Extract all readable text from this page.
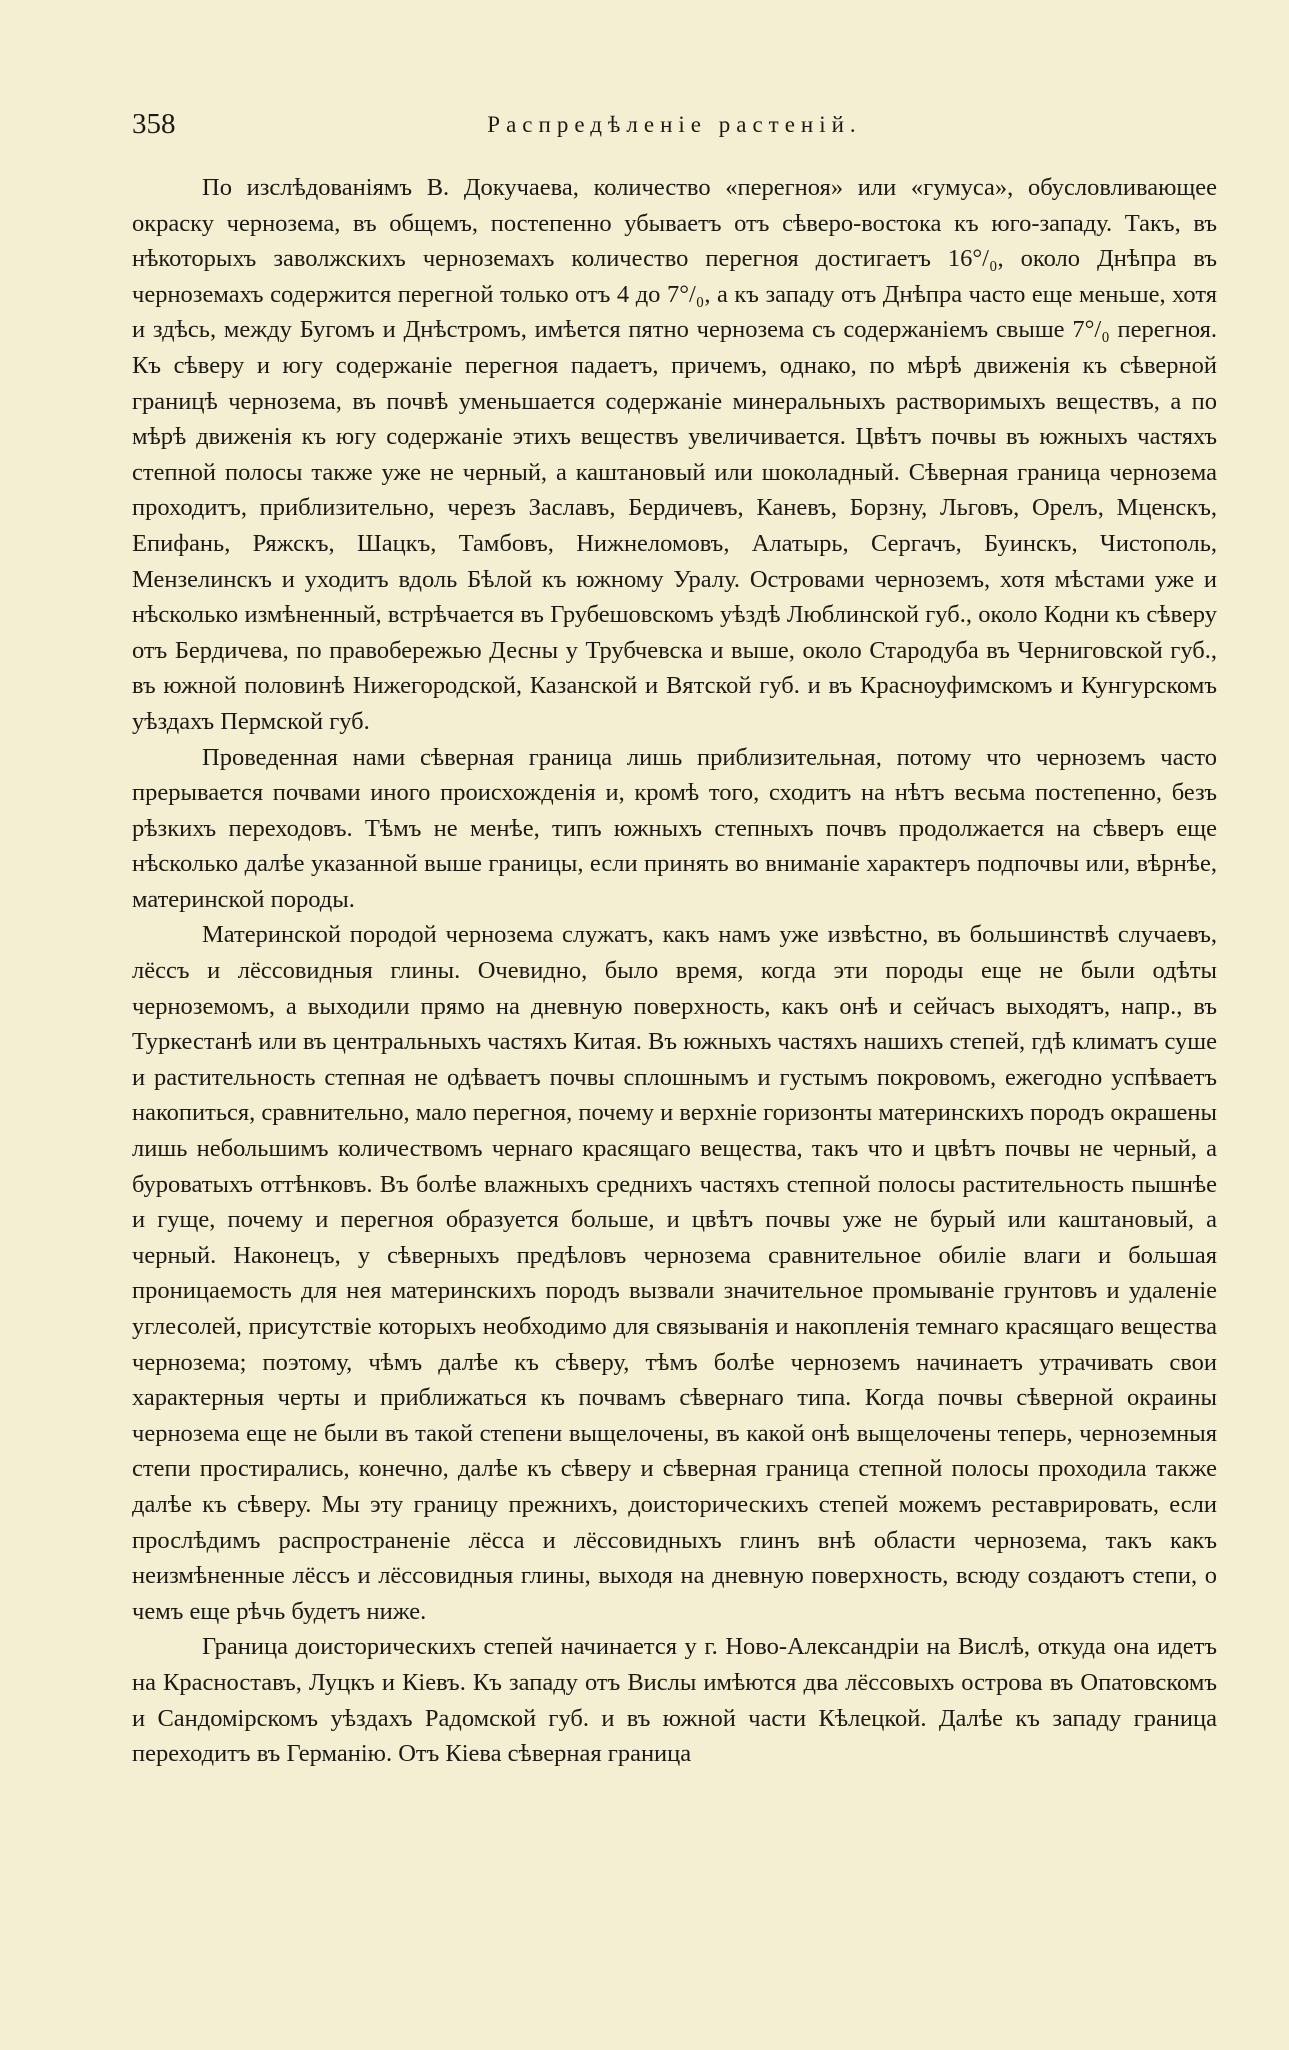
358	Распредѣленіе растеній.

По изслѣдованіямъ В. Докучаева, количество «перегноя» или «гумуса», обусловливающее окраску чернозема, въ общемъ, постепенно убываетъ отъ сѣверо-востока къ юго-западу. Такъ, въ нѣкоторыхъ заволжскихъ черноземахъ количество перегноя достигаетъ 16°/₀, около Днѣпра въ черноземахъ содержится перегной только отъ 4 до 7°/₀, а къ западу отъ Днѣпра часто еще меньше, хотя и здѣсь, между Бугомъ и Днѣстромъ, имѣется пятно чернозема съ содержаніемъ свыше 7°/₀ перегноя. Къ сѣверу и югу содержаніе перегноя падаетъ, причемъ, однако, по мѣрѣ движенія къ сѣверной границѣ чернозема, въ почвѣ уменьшается содержаніе минеральныхъ растворимыхъ веществъ, а по мѣрѣ движенія къ югу содержаніе этихъ веществъ увеличивается. Цвѣтъ почвы въ южныхъ частяхъ степной полосы также уже не черный, а каштановый или шоколадный. Сѣверная граница чернозема проходитъ, приблизительно, черезъ Заславъ, Бердичевъ, Каневъ, Борзну, Льговъ, Орелъ, Мценскъ, Епифань, Ряжскъ, Шацкъ, Тамбовъ, Нижнеломовъ, Алатырь, Сергачъ, Буинскъ, Чистополь, Мензелинскъ и уходитъ вдоль Бѣлой къ южному Уралу. Островами черноземъ, хотя мѣстами уже и нѣсколько измѣненный, встрѣчается въ Грубешовскомъ уѣздѣ Люблинской губ., около Кодни къ сѣверу отъ Бердичева, по правобережью Десны у Трубчевска и выше, около Стародуба въ Черниговской губ., въ южной половинѣ Нижегородской, Казанской и Вятской губ. и въ Красноуфимскомъ и Кунгурскомъ уѣздахъ Пермской губ.

Проведенная нами сѣверная граница лишь приблизительная, потому что черноземъ часто прерывается почвами иного происхожденія и, кромѣ того, сходитъ на нѣтъ весьма постепенно, безъ рѣзкихъ переходовъ. Тѣмъ не менѣе, типъ южныхъ степныхъ почвъ продолжается на сѣверъ еще нѣсколько далѣе указанной выше границы, если принять во вниманіе характеръ подпочвы или, вѣрнѣе, материнской породы.

Материнской породой чернозема служатъ, какъ намъ уже извѣстно, въ большинствѣ случаевъ, лёссъ и лёссовидныя глины. Очевидно, было время, когда эти породы еще не были одѣты черноземомъ, а выходили прямо на дневную поверхность, какъ онѣ и сейчасъ выходятъ, напр., въ Туркестанѣ или въ центральныхъ частяхъ Китая. Въ южныхъ частяхъ нашихъ степей, гдѣ климатъ суше и растительность степная не одѣваетъ почвы сплошнымъ и густымъ покровомъ, ежегодно успѣваетъ накопиться, сравнительно, мало перегноя, почему и верхніе горизонты материнскихъ породъ окрашены лишь небольшимъ количествомъ чернаго красящаго вещества, такъ что и цвѣтъ почвы не черный, а буроватыхъ оттѣнковъ. Въ болѣе влажныхъ среднихъ частяхъ степной полосы растительность пышнѣе и гуще, почему и перегноя образуется больше, и цвѣтъ почвы уже не бурый или каштановый, а черный. Наконецъ, у сѣверныхъ предѣловъ чернозема сравнительное обиліе влаги и большая проницаемость для нея материнскихъ породъ вызвали значительное промываніе грунтовъ и удаленіе углесолей, присутствіе которыхъ необходимо для связыванія и накопленія темнаго красящаго вещества чернозема; поэтому, чѣмъ далѣе къ сѣверу, тѣмъ болѣе черноземъ начинаетъ утрачивать свои характерныя черты и приближаться къ почвамъ сѣвернаго типа. Когда почвы сѣверной окраины чернозема еще не были въ такой степени выщелочены, въ какой онѣ выщелочены теперь, черноземныя степи простирались, конечно, далѣе къ сѣверу и сѣверная граница степной полосы проходила также далѣе къ сѣверу. Мы эту границу прежнихъ, доисторическихъ степей можемъ реставрировать, если прослѣдимъ распространеніе лёсса и лёссовидныхъ глинъ внѣ области чернозема, такъ какъ неизмѣненные лёссъ и лёссовидныя глины, выходя на дневную поверхность, всюду создаютъ степи, о чемъ еще рѣчь будетъ ниже.

Граница доисторическихъ степей начинается у г. Ново-Александріи на Вислѣ, откуда она идетъ на Красноставъ, Луцкъ и Кіевъ. Къ западу отъ Вислы имѣются два лёссовыхъ острова въ Опатовскомъ и Сандомірскомъ уѣздахъ Радомской губ. и въ южной части Кѣлецкой. Далѣе къ западу граница переходитъ въ Германію. Отъ Кіева сѣверная граница
